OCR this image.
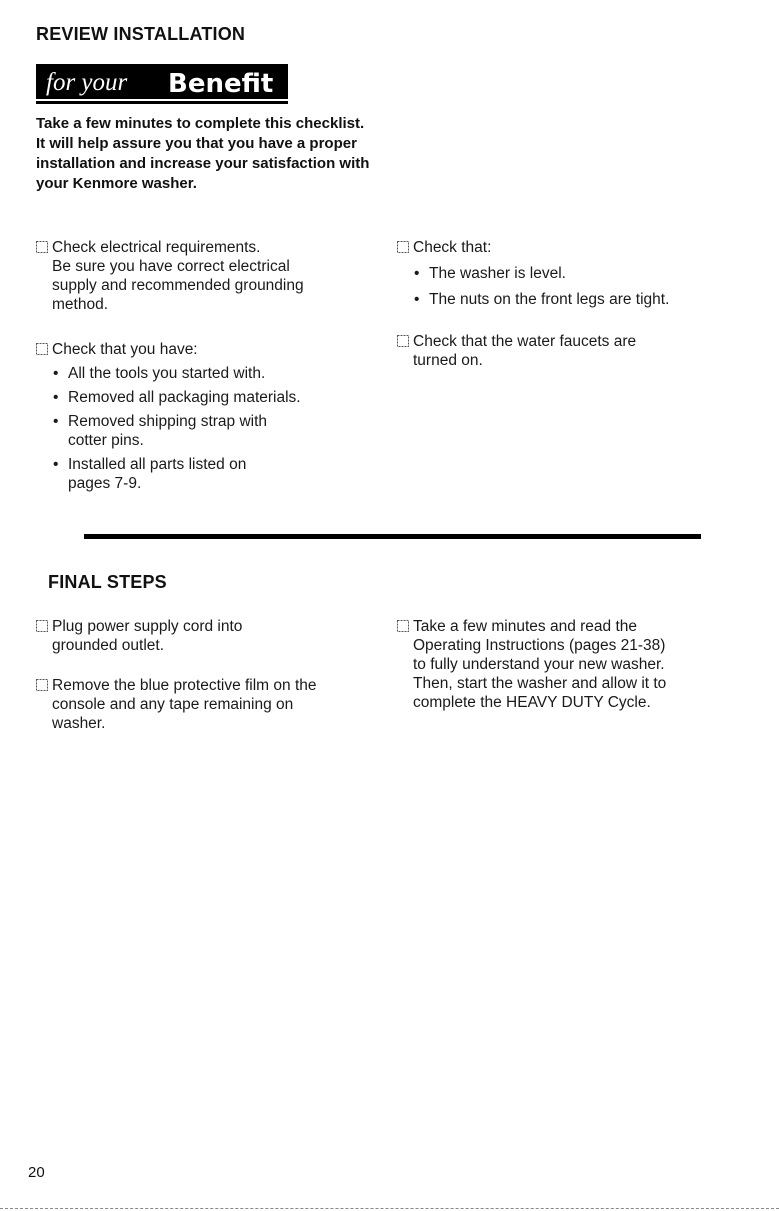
REVIEW INSTALLATION
for your Benefit
Take a few minutes to complete this checklist. It will help assure you that you have a proper installation and increase your satisfaction with your Kenmore washer.
Check electrical requirements.
Be sure you have correct electrical
supply and recommended grounding
method.
Check that you have:
• All the tools you started with.
• Removed all packaging materials.
• Removed shipping strap with
cotter pins.
• Installed all parts listed on
pages 7-9.
Check that:
• The washer is level.
• The nuts on the front legs are tight.
Check that the water faucets are
turned on.
FINAL STEPS
Plug power supply cord into
grounded outlet.
Remove the blue protective film on the
console and any tape remaining on
washer.
Take a few minutes and read the
Operating Instructions (pages 21-38)
to fully understand your new washer.
Then, start the washer and allow it to
complete the HEAVY DUTY Cycle.
20
